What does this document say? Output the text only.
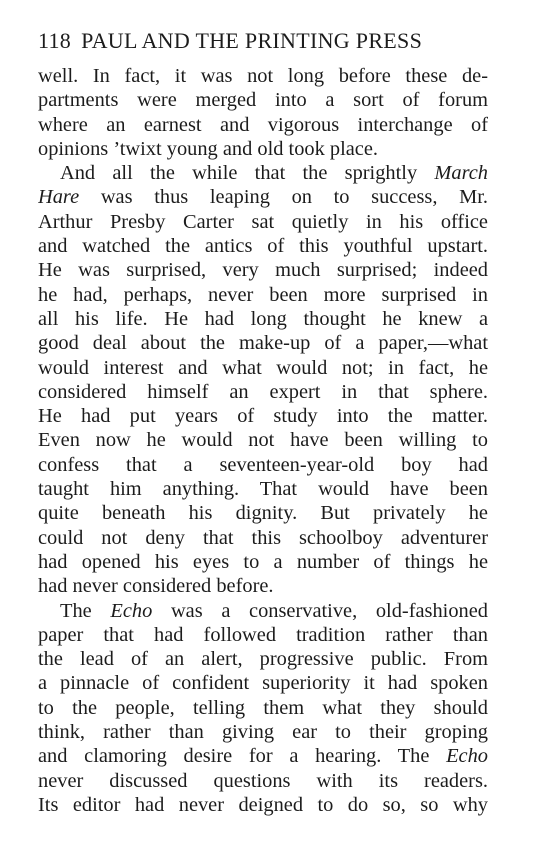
118 PAUL AND THE PRINTING PRESS
well. In fact, it was not long before these de-
partments were merged into a sort of forum
where an earnest and vigorous interchange of
opinions ’twixt young and old took place.
And all the while that the sprightly March
Hare was thus leaping on to success, Mr.
Arthur Presby Carter sat quietly in his office
and watched the antics of this youthful upstart.
He was surprised, very much surprised; indeed
he had, perhaps, never been more surprised in
all his life. He had long thought he knew a
good deal about the make-up of a paper,—what
would interest and what would not; in fact, he
considered himself an expert in that sphere.
He had put years of study into the matter.
Even now he would not have been willing to
confess that a seventeen-year-old boy had
taught him anything. That would have been
quite beneath his dignity. But privately he
could not deny that this schoolboy adventurer
had opened his eyes to a number of things he
had never considered before.
The Echo was a conservative, old-fashioned
paper that had followed tradition rather than
the lead of an alert, progressive public. From
a pinnacle of confident superiority it had spoken
to the people, telling them what they should
think, rather than giving ear to their groping
and clamoring desire for a hearing. The Echo
never discussed questions with its readers.
Its editor had never deigned to do so, so why
